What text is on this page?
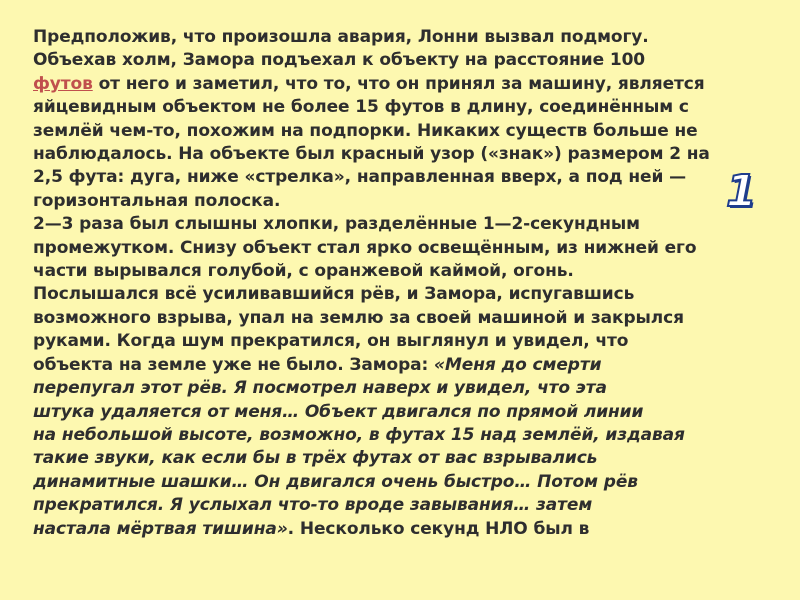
Предположив, что произошла авария, Лонни вызвал подмогу.
Объехав холм, Замора подъехал к объекту на расстояние 100
футов от него и заметил, что то, что он принял за машину, является
яйцевидным объектом не более 15 футов в длину, соединённым с
землёй чем-то, похожим на подпорки. Никаких существ больше не
наблюдалось. На объекте был красный узор («знак») размером 2 на
2,5 фута: дуга, ниже «стрелка», направленная вверх, а под ней —
горизонтальная полоска.
2—3 раза был слышны хлопки, разделённые 1—2-секундным
промежутком. Снизу объект стал ярко освещённым, из нижней его
части вырывался голубой, с оранжевой каймой, огонь.
Послышался всё усиливавшийся рёв, и Замора, испугавшись
возможного взрыва, упал на землю за своей машиной и закрылся
руками. Когда шум прекратился, он выглянул и увидел, что
объекта на земле уже не было. Замора: «Меня до смерти
перепугал этот рёв. Я посмотрел наверх и увидел, что эта
штука удаляется от меня… Объект двигался по прямой линии
на небольшой высоте, возможно, в футах 15 над землёй, издавая
такие звуки, как если бы в трёх футах от вас взрывались
динамитные шашки… Он двигался очень быстро… Потом рёв
прекратился. Я услыхал что-то вроде завывания… затем
настала мёртвая тишина». Несколько секунд НЛО был в
1
